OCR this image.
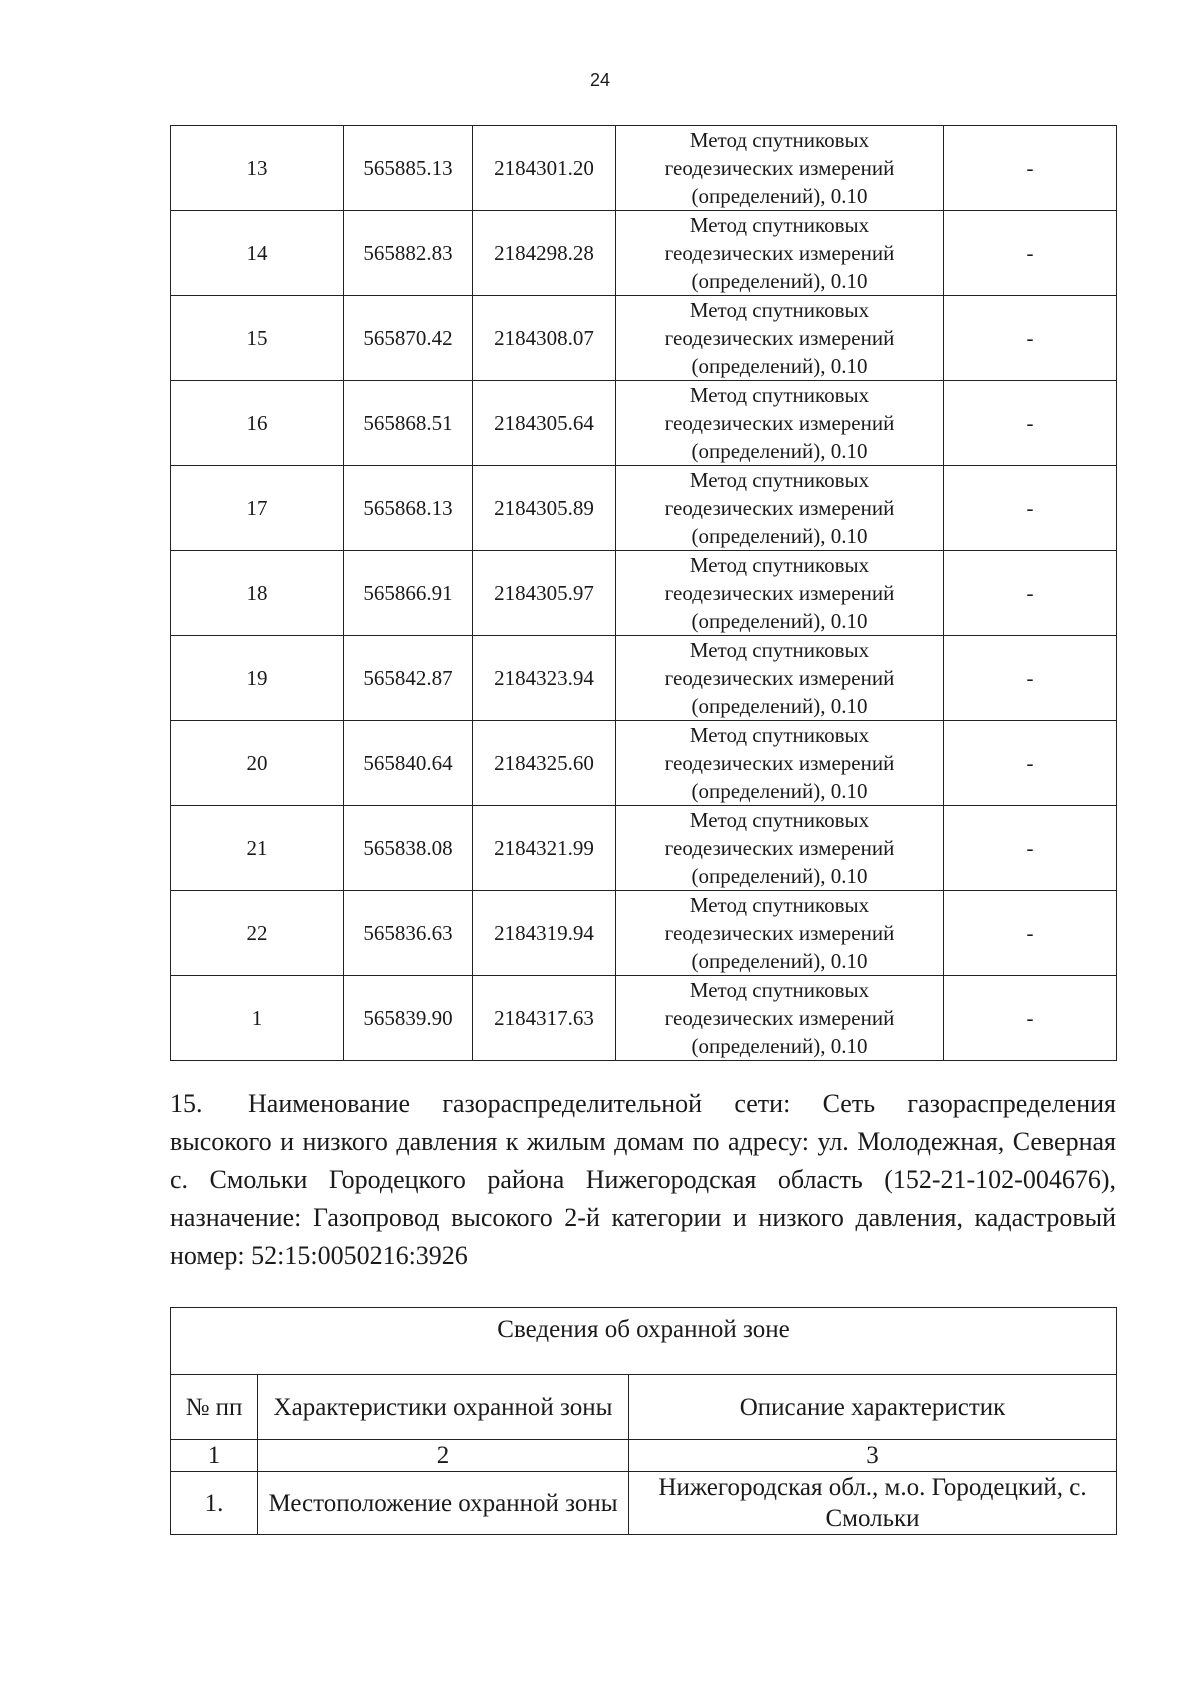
24
13	565885.13	2184301.20	Метод спутниковых
геодезических измерений
(определений), 0.10	-
14	565882.83	2184298.28	Метод спутниковых
геодезических измерений
(определений), 0.10	-
15	565870.42	2184308.07	Метод спутниковых
геодезических измерений
(определений), 0.10	-
16	565868.51	2184305.64	Метод спутниковых
геодезических измерений
(определений), 0.10	-
17	565868.13	2184305.89	Метод спутниковых
геодезических измерений
(определений), 0.10	-
18	565866.91	2184305.97	Метод спутниковых
геодезических измерений
(определений), 0.10	-
19	565842.87	2184323.94	Метод спутниковых
геодезических измерений
(определений), 0.10	-
20	565840.64	2184325.60	Метод спутниковых
геодезических измерений
(определений), 0.10	-
21	565838.08	2184321.99	Метод спутниковых
геодезических измерений
(определений), 0.10	-
22	565836.63	2184319.94	Метод спутниковых
геодезических измерений
(определений), 0.10	-
1	565839.90	2184317.63	Метод спутниковых
геодезических измерений
(определений), 0.10	-

15. Наименование газораспределительной сети: Сеть газораспределения высокого и низкого давления к жилым домам по адресу: ул. Молодежная, Северная с. Смольки Городецкого района Нижегородская область (152-21-102-004676), назначение: Газопровод высокого 2-й категории и низкого давления, кадастровый номер: 52:15:0050216:3926

Сведения об охранной зоне		
№ пп	Характеристики охранной зоны	Описание характеристик
1	2	3
1.	Местоположение охранной зоны	Нижегородская обл., м.о. Городецкий, с. Смольки
